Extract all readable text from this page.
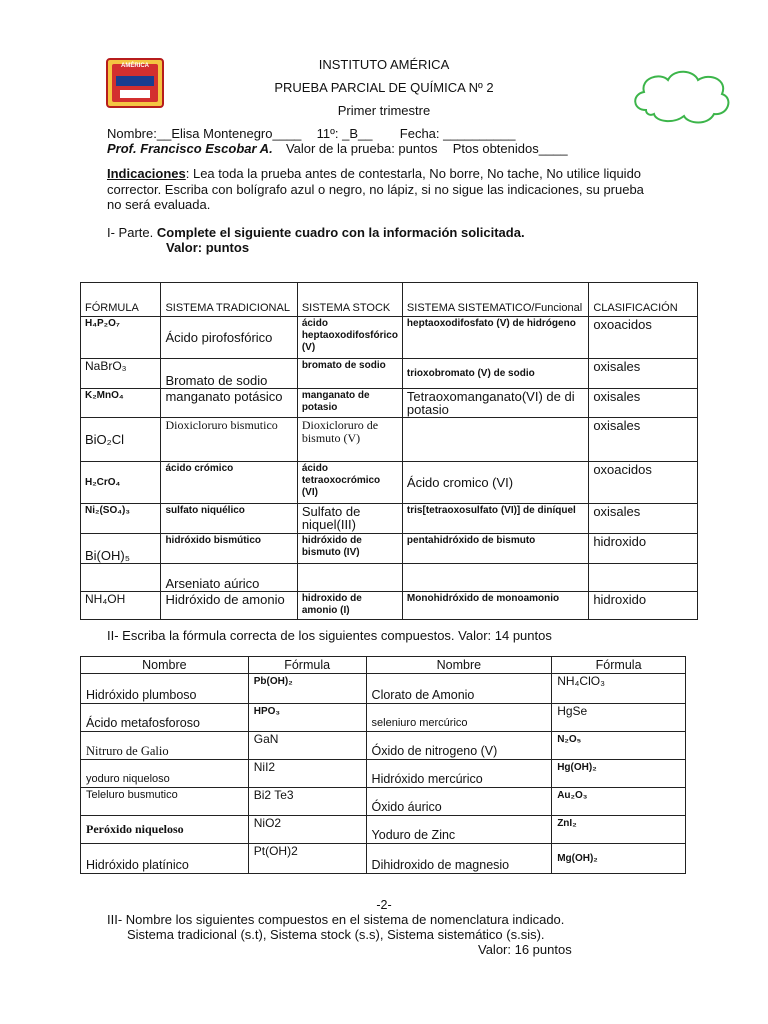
AMÉRICA	INSTITUTO AMÉRICA
PRUEBA PARCIAL DE QUÍMICA Nº 2
Primer trimestre
Nombre:__Elisa Montenegro____ 11º: _B__ Fecha: __________
Prof. Francisco Escobar A. Valor de la prueba: puntos Ptos obtenidos____
Indicaciones: Lea toda la prueba antes de contestarla, No borre, No tache, No utilice liquido corrector. Escriba con bolígrafo azul o negro, no lápiz, si no sigue las indicaciones, su prueba no será evaluada.
I- Parte. Complete el siguiente cuadro con la información solicitada.
Valor: puntos
FÓRMULA	SISTEMA TRADICIONAL	SISTEMA STOCK	SISTEMA SISTEMATICO/Funcional	CLASIFICACIÓN
H₄P₂O₇	Ácido pirofosfórico	ácido heptaoxodifosfórico (V)	heptaoxodifosfato (V) de hidrógeno	oxoacidos
NaBrO₃	Bromato de sodio	bromato de sodio	trioxobromato (V) de sodio	oxisales
K₂MnO₄	manganato potásico	manganato de potasio	Tetraoxomanganato(VI) de di potasio	oxisales
BiO₂Cl	Dioxicloruro bismutico	Dioxicloruro de bismuto (V)		oxisales
H₂CrO₄	ácido crómico	ácido tetraoxocrómico (VI)	Ácido cromico (VI)	oxoacidos
Ni₂(SO₄)₃	sulfato niquélico	Sulfato de niquel(III)	tris[tetraoxosulfato (VI)] de diníquel	oxisales
Bi(OH)₅	hidróxido bismútico	hidróxido de bismuto (IV)	pentahidróxido de bismuto	hidroxido
	Arseniato aúrico			
NH₄OH	Hidróxido de amonio	hidroxido de amonio (I)	Monohidróxido de monoamonio	hidroxido
II- Escriba la fórmula correcta de los siguientes compuestos. Valor: 14 puntos
Nombre	Fórmula	Nombre	Fórmula
Hidróxido plumboso	Pb(OH)₂	Clorato de Amonio	NH₄ClO₃
Ácido metafosforoso	HPO₃	seleniuro mercúrico	HgSe
Nitruro de Galio	GaN	Óxido de nitrogeno (V)	N₂O₅
yoduro niqueloso	NiI2	Hidróxido mercúrico	Hg(OH)₂
Teleluro busmutico	Bi2 Te3	Óxido áurico	Au₂O₃
Peróxido niqueloso	NiO2	Yoduro de Zinc	ZnI₂
Hidróxido platínico	Pt(OH)2	Dihidroxido de magnesio	Mg(OH)₂
-2-
III- Nombre los siguientes compuestos en el sistema de nomenclatura indicado.
Sistema tradicional (s.t), Sistema stock (s.s), Sistema sistemático (s.sis).
Valor: 16 puntos
